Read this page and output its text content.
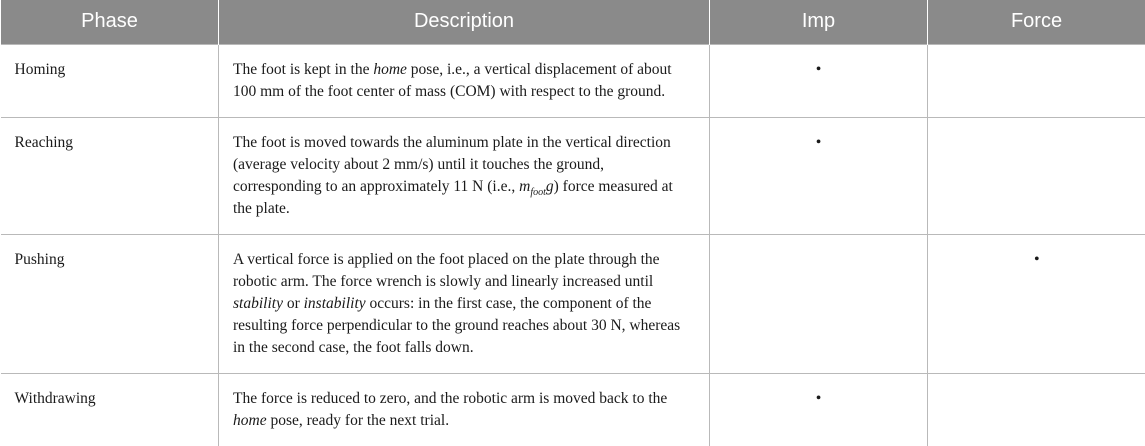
Phase	Description	Imp	Force
Homing	The foot is kept in the home pose, i.e., a vertical displacement of about 100 mm of the foot center of mass (COM) with respect to the ground.	•	
Reaching	The foot is moved towards the aluminum plate in the vertical direction (average velocity about 2 mm/s) until it touches the ground, corresponding to an approximately 11 N (i.e., $m_{foot}g$) force measured at the plate.	•	
Pushing	A vertical force is applied on the foot placed on the plate through the robotic arm. The force wrench is slowly and linearly increased until stability or instability occurs: in the first case, the component of the resulting force perpendicular to the ground reaches about 30 N, whereas in the second case, the foot falls down.		•
Withdrawing	The force is reduced to zero, and the robotic arm is moved back to the home pose, ready for the next trial.	•	
